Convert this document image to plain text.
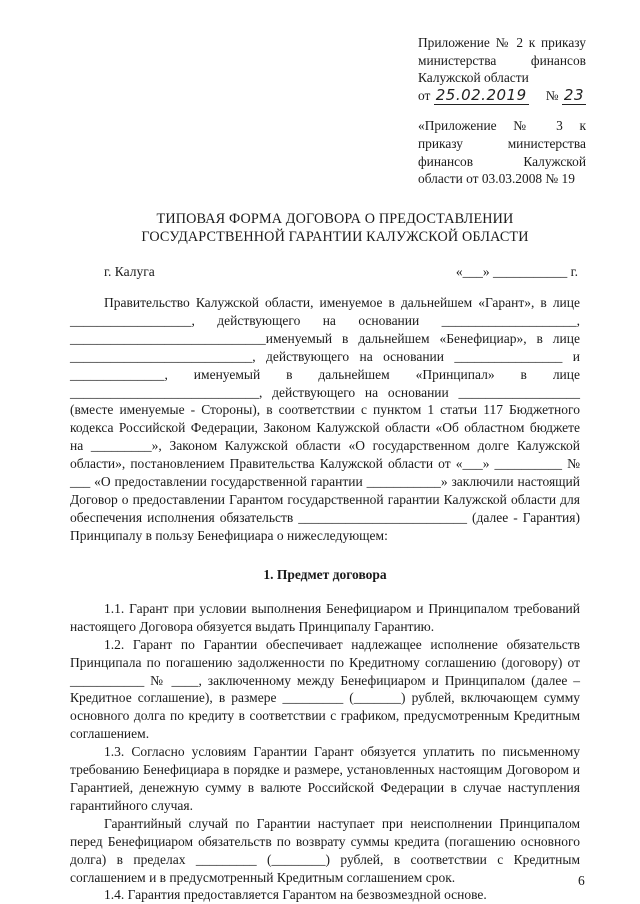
Приложение № 2 к приказу

министерства финансов

Калужской области

от 25.02.2019 № 23

«Приложение № 3 к

приказу министерства

финансов Калужской

области от 03.03.2008 № 19

ТИПОВАЯ ФОРМА ДОГОВОРА О ПРЕДОСТАВЛЕНИИ

ГОСУДАРСТВЕННОЙ ГАРАНТИИ КАЛУЖСКОЙ ОБЛАСТИ

г. Калуга	«___» ___________ г.

Правительство Калужской области, именуемое в дальнейшем «Гарант», в лице __________________, действующего на основании ____________________, _____________________________именуемый в дальнейшем «Бенефициар», в лице ___________________________, действующего на основании ________________ и ______________, именуемый в дальнейшем «Принципал» в лице ____________________________, действующего на основании __________________ (вместе именуемые - Стороны), в соответствии с пунктом 1 статьи 117 Бюджетного кодекса Российской Федерации, Законом Калужской области «Об областном бюджете на _________», Законом Калужской области «О государственном долге Калужской области», постановлением Правительства Калужской области от «___» __________ № ___ «О предоставлении государственной гарантии ___________» заключили настоящий Договор о предоставлении Гарантом государственной гарантии Калужской области для обеспечения исполнения обязательств _________________________ (далее - Гарантия) Принципалу в пользу Бенефициара о нижеследующем:

1. Предмет договора

1.1. Гарант при условии выполнения Бенефициаром и Принципалом требований настоящего Договора обязуется выдать Принципалу Гарантию.

1.2. Гарант по Гарантии обеспечивает надлежащее исполнение обязательств Принципала по погашению задолженности по Кредитному соглашению (договору) от ___________ № ____, заключенному между Бенефициаром и Принципалом (далее – Кредитное соглашение), в размере _________ (_______) рублей, включающем сумму основного долга по кредиту в соответствии с графиком, предусмотренным Кредитным соглашением.

1.3. Согласно условиям Гарантии Гарант обязуется уплатить по письменному требованию Бенефициара в порядке и размере, установленных настоящим Договором и Гарантией, денежную сумму в валюте Российской Федерации в случае наступления гарантийного случая.

Гарантийный случай по Гарантии наступает при неисполнении Принципалом перед Бенефициаром обязательств по возврату суммы кредита (погашению основного долга) в пределах _________ (________) рублей, в соответствии с Кредитным соглашением и в предусмотренный Кредитным соглашением срок.

1.4. Гарантия предоставляется Гарантом на безвозмездной основе.

6
